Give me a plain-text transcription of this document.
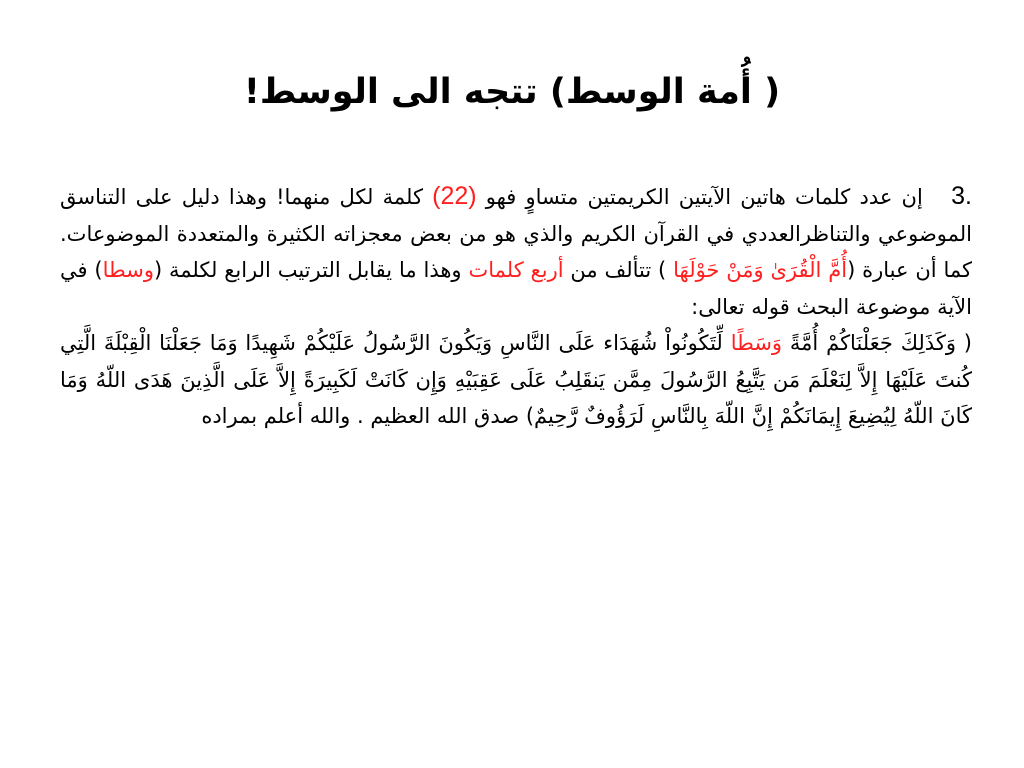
( أُمة الوسط) تتجه الى الوسط!

3. إن عدد كلمات هاتين الآيتين الكريمتين متساوٍ فهو (22) كلمة لكل منهما! وهذا دليل على التناسق الموضوعي والتناظرالعددي في القرآن الكريم والذي هو من بعض معجزاته الكثيرة والمتعددة الموضوعات. كما أن عبارة (أُمَّ الْقُرَىٰ وَمَنْ حَوْلَهَا ) تتألف من أربع كلمات وهذا ما يقابل الترتيب الرابع لكلمة (وسطا) في الآية موضوعة البحث قوله تعالى:

( وَكَذَلِكَ جَعَلْنَاكُمْ أُمَّةً وَسَطًا لِّتَكُونُواْ شُهَدَاء عَلَى النَّاسِ وَيَكُونَ الرَّسُولُ عَلَيْكُمْ شَهِيدًا وَمَا جَعَلْنَا الْقِبْلَةَ الَّتِي كُنتَ عَلَيْهَا إِلاَّ لِنَعْلَمَ مَن يَتَّبِعُ الرَّسُولَ مِمَّن يَنقَلِبُ عَلَى عَقِبَيْهِ وَإِن كَانَتْ لَكَبِيرَةً إِلاَّ عَلَى الَّذِينَ هَدَى اللّهُ وَمَا كَانَ اللّهُ لِيُضِيعَ إِيمَانَكُمْ إِنَّ اللّهَ بِالنَّاسِ لَرَؤُوفٌ رَّحِيمٌ) صدق الله العظيم . والله أعلم بمراده
